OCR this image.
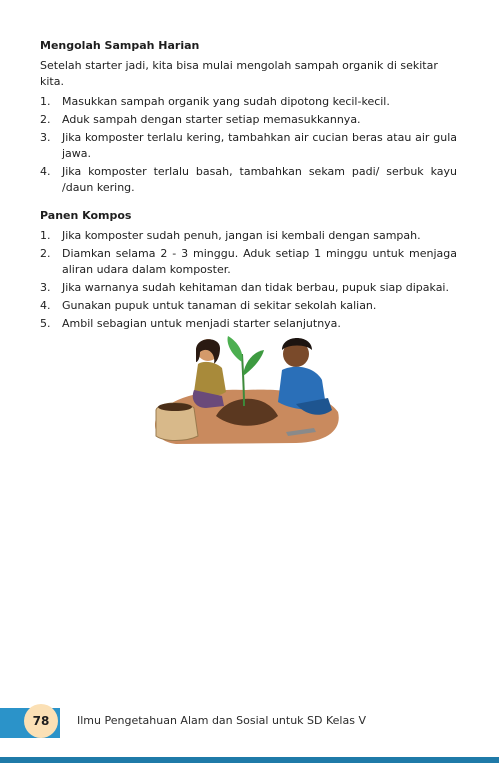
Mengolah Sampah Harian

Setelah starter jadi, kita bisa mulai mengolah sampah organik di sekitar kita.

1. Masukkan sampah organik yang sudah dipotong kecil-kecil.
2. Aduk sampah dengan starter setiap memasukkannya.
3. Jika komposter terlalu kering, tambahkan air cucian beras atau air gula jawa.
4. Jika komposter terlalu basah, tambahkan sekam padi/ serbuk kayu /daun kering.
Panen Kompos
1. Jika komposter sudah penuh, jangan isi kembali dengan sampah.
2. Diamkan selama 2 - 3 minggu. Aduk setiap 1 minggu untuk menjaga aliran udara dalam komposter.
3. Jika warnanya sudah kehitaman dan tidak berbau, pupuk siap dipakai.
4. Gunakan pupuk untuk tanaman di sekitar sekolah kalian.
5. Ambil sebagian untuk menjadi starter selanjutnya.
78	Ilmu Pengetahuan Alam dan Sosial untuk SD Kelas V
